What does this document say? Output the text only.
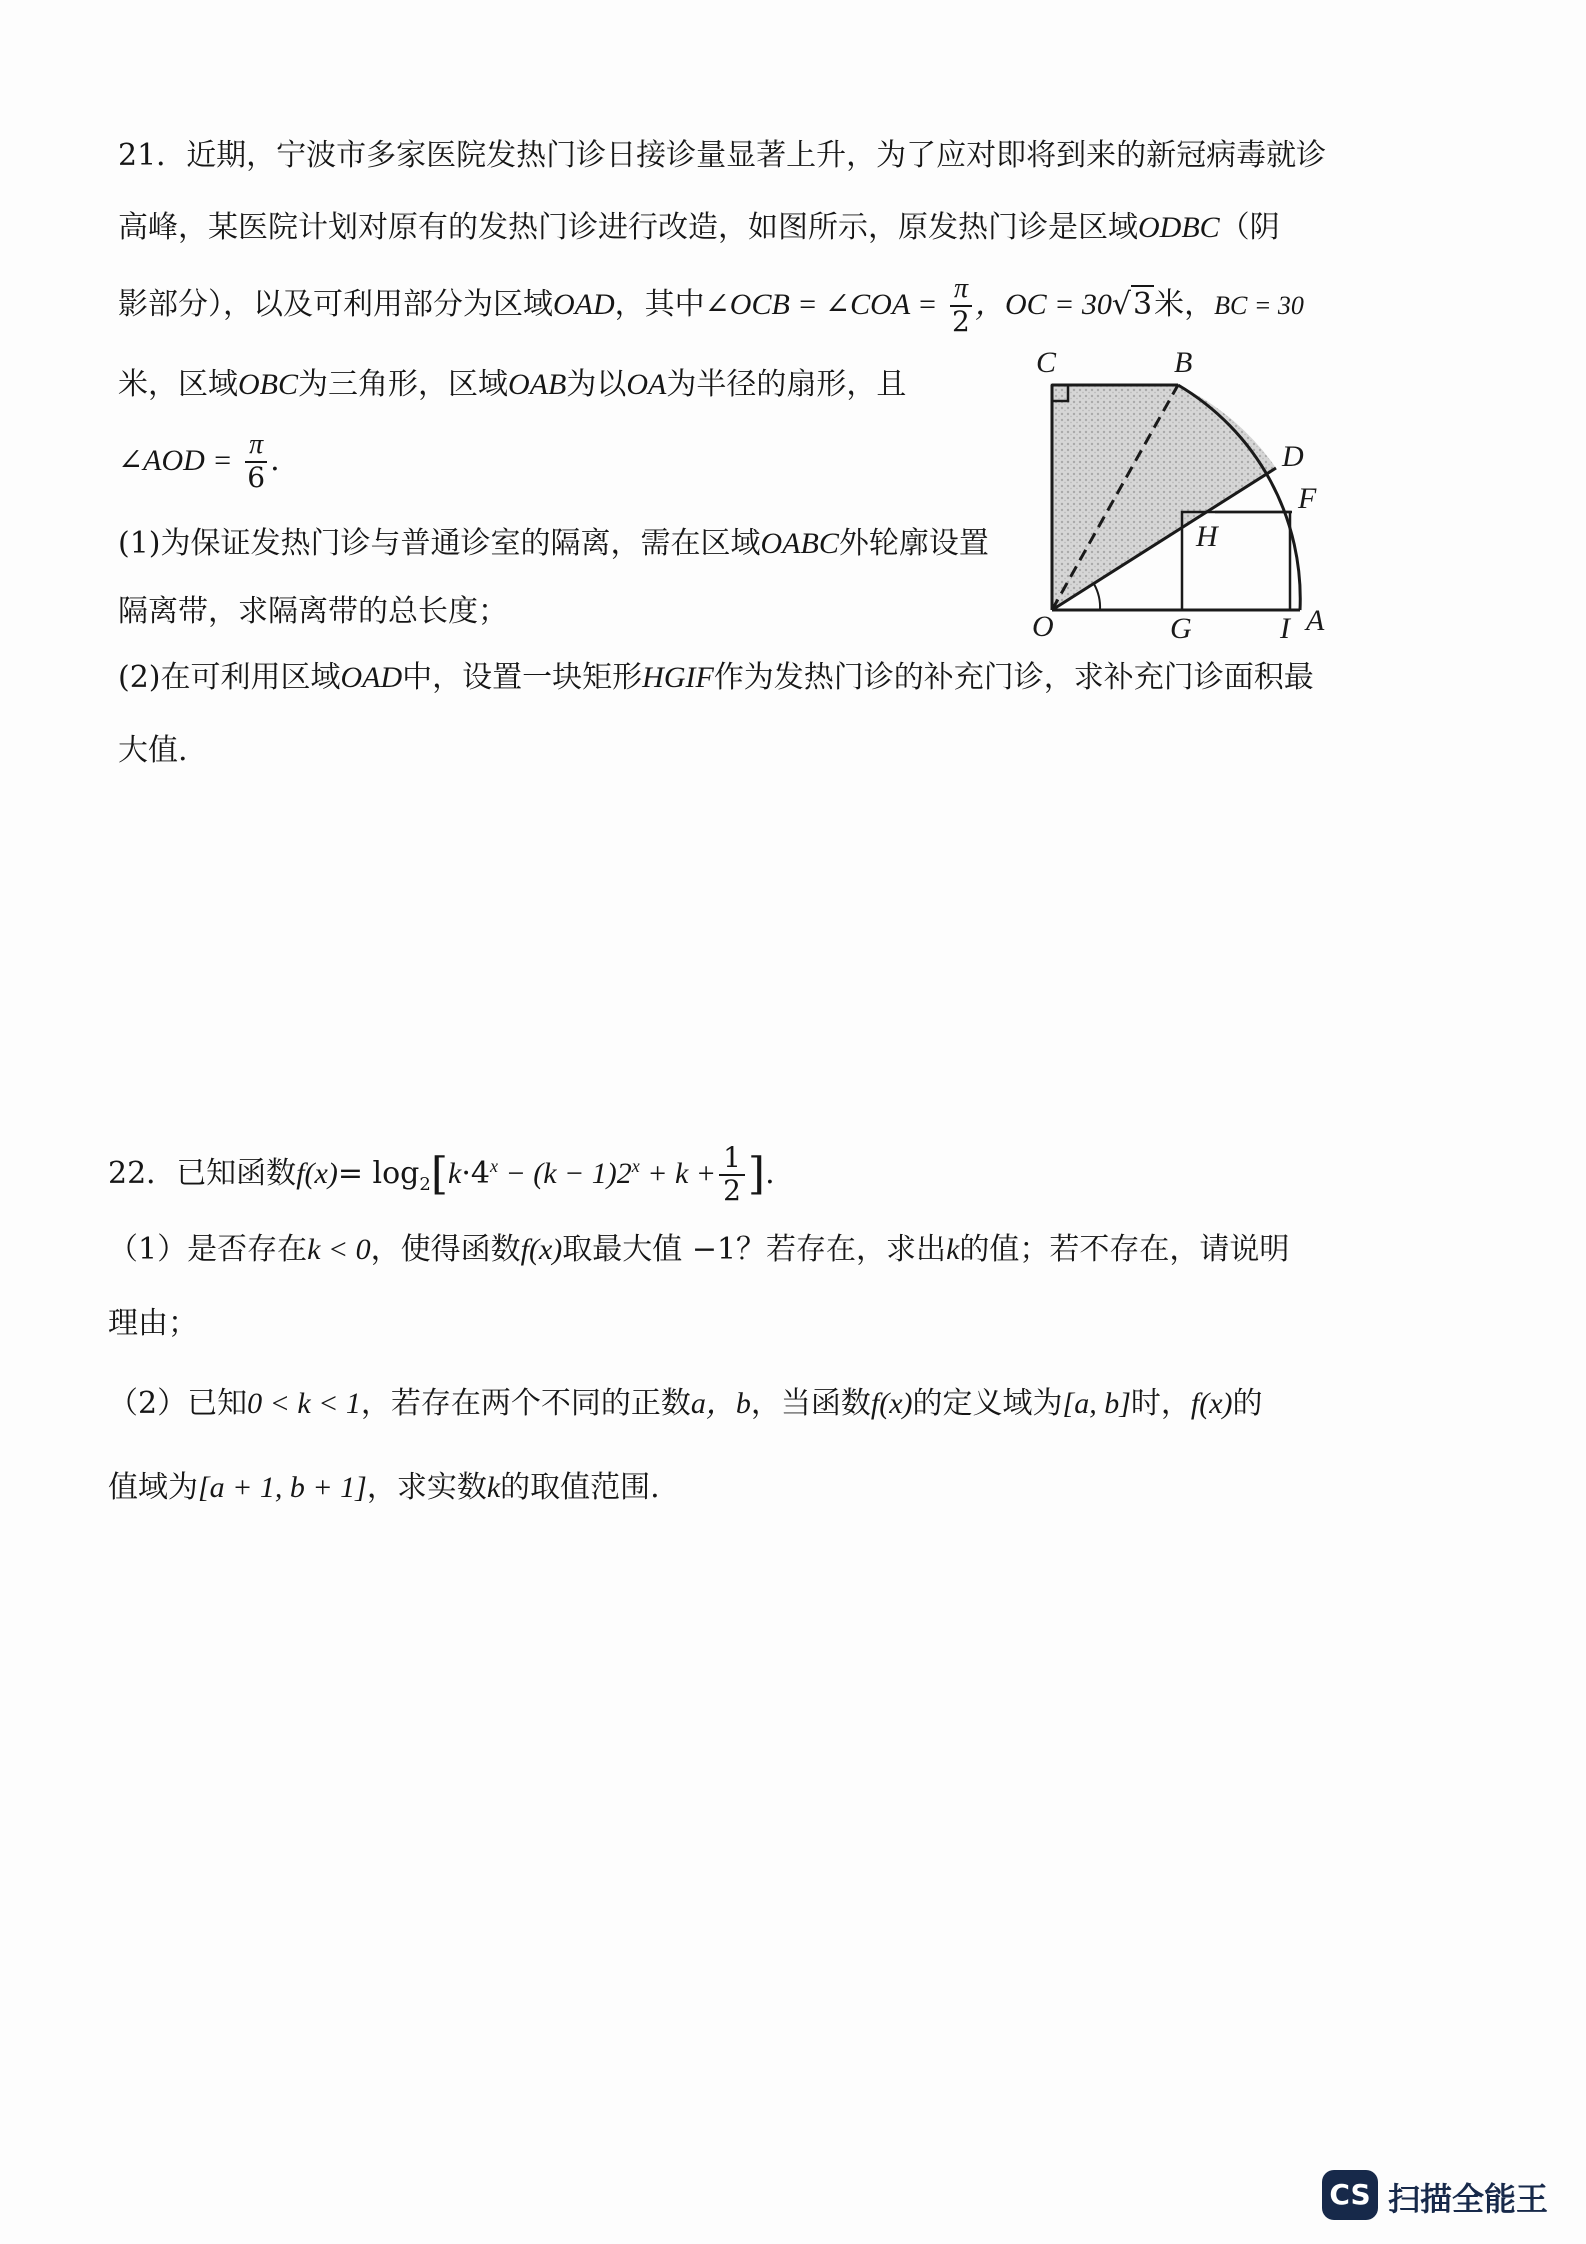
21．近期，宁波市多家医院发热门诊日接诊量显著上升，为了应对即将到来的新冠病毒就诊
高峰，某医院计划对原有的发热门诊进行改造，如图所示，原发热门诊是区域ODBC（阴
影部分），以及可利用部分为区域OAD，其中∠OCB = ∠COA = $\frac{\pi}{2}$ ，OC = 30√3米，BC = 30
米，区域OBC为三角形，区域OAB为以OA为半径的扇形，且
∠AOD = $\frac{\pi}{6}$ .
(1)为保证发热门诊与普通诊室的隔离，需在区域OABC外轮廓设置
隔离带，求隔离带的总长度；
(2)在可利用区域OAD中，设置一块矩形HGIF作为发热门诊的补充门诊，求补充门诊面积最
大值.
C	B
D
F
H
O	G	I A
22．已知函数$f(x)= \log_2[k\cdot 4^x - (k - 1)2^x + k + \frac{1}{2}$ ].
（1）是否存在k < 0，使得函数f(x)取最大值 −1？若存在，求出k的值；若不存在，请说明
理由；
（2）已知0 < k < 1，若存在两个不同的正数a，b，当函数f(x)的定义域为[a, b]时，f(x)的
值域为[a + 1, b + 1]，求实数k的取值范围.
CS 扫描全能王
